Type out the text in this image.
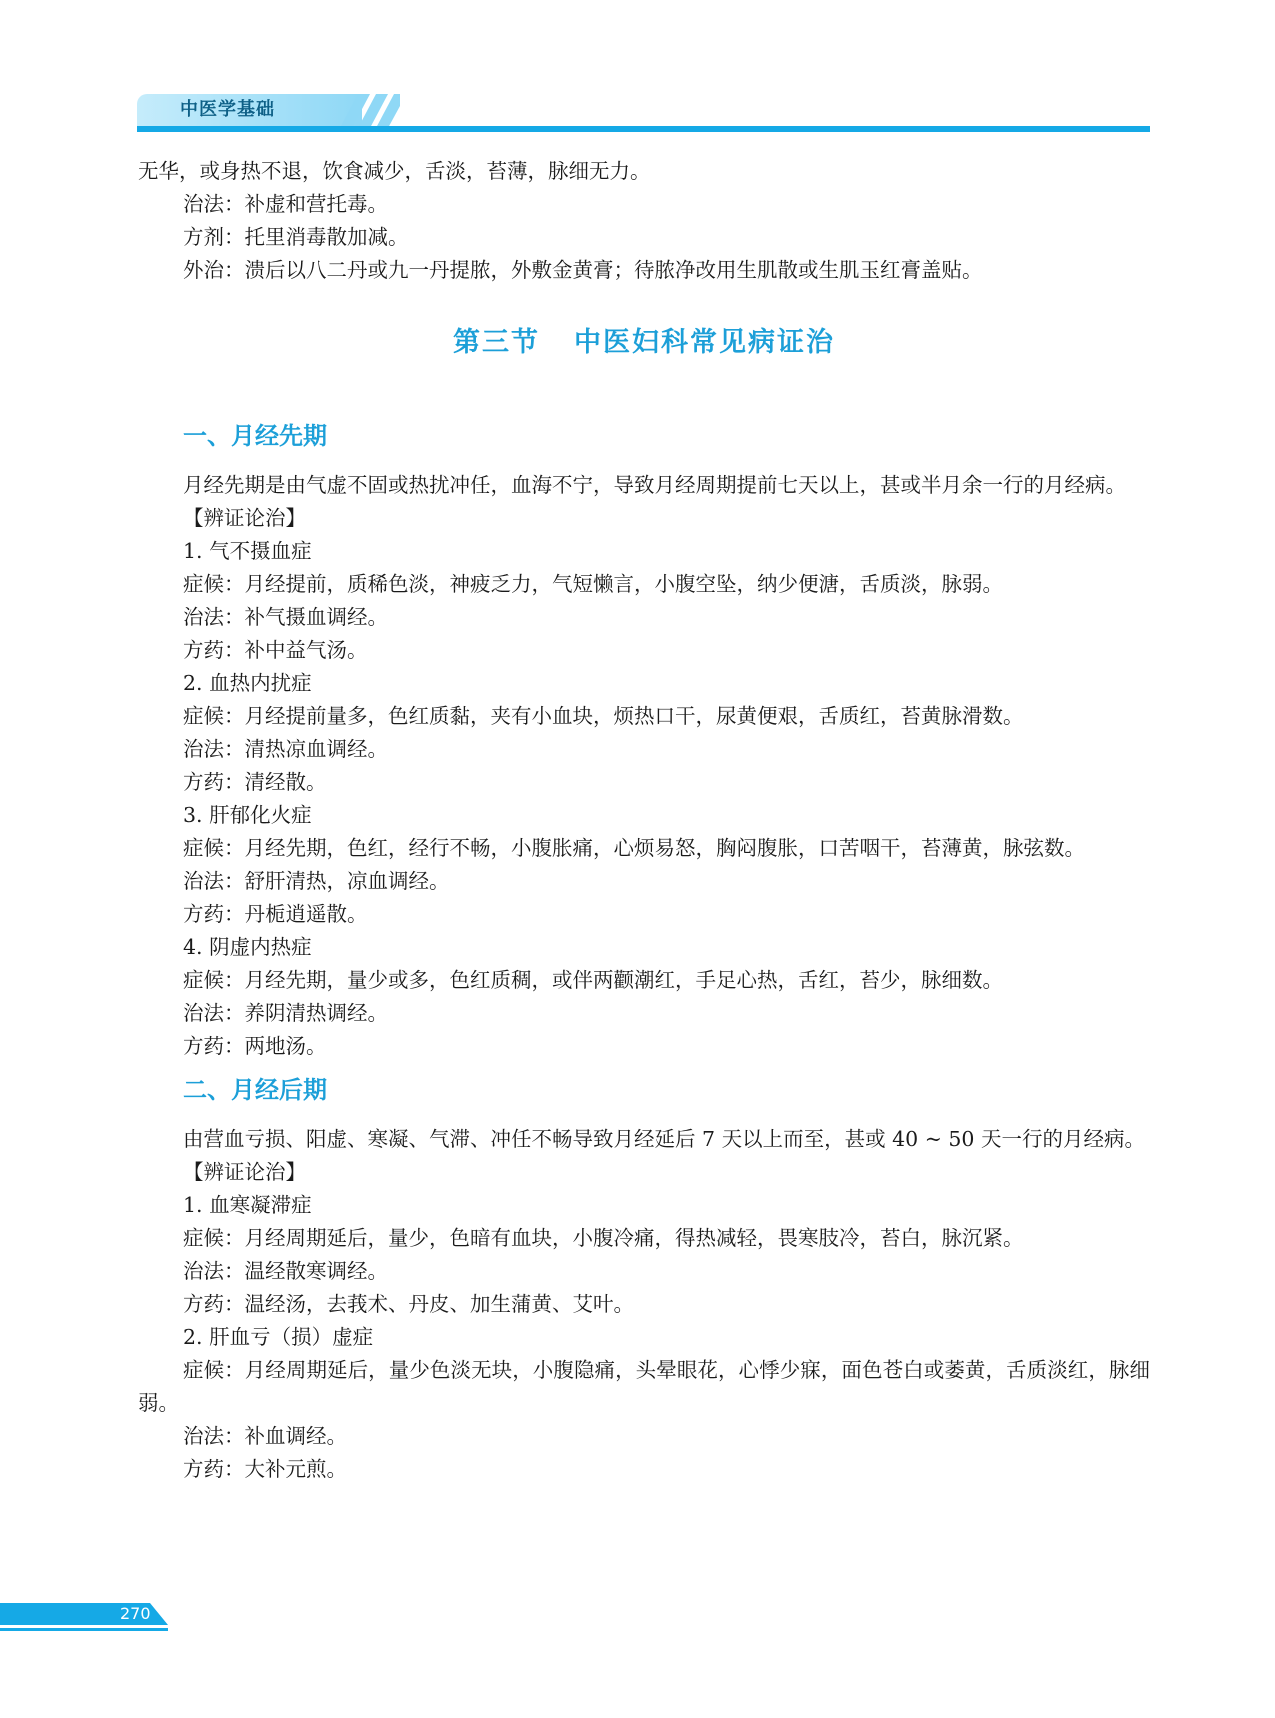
中医学基础

无华，或身热不退，饮食减少，舌淡，苔薄，脉细无力。

治法：补虚和营托毒。

方剂：托里消毒散加减。

外治：溃后以八二丹或九一丹提脓，外敷金黄膏；待脓净改用生肌散或生肌玉红膏盖贴。

第三节 中医妇科常见病证治
一、月经先期

月经先期是由气虚不固或热扰冲任，血海不宁，导致月经周期提前七天以上，甚或半月余一行的月经病。

【辨证论治】

1. 气不摄血症

症候：月经提前，质稀色淡，神疲乏力，气短懒言，小腹空坠，纳少便溏，舌质淡，脉弱。

治法：补气摄血调经。

方药：补中益气汤。

2. 血热内扰症

症候：月经提前量多，色红质黏，夹有小血块，烦热口干，尿黄便艰，舌质红，苔黄脉滑数。

治法：清热凉血调经。

方药：清经散。

3. 肝郁化火症

症候：月经先期，色红，经行不畅，小腹胀痛，心烦易怒，胸闷腹胀，口苦咽干，苔薄黄，脉弦数。

治法：舒肝清热，凉血调经。

方药：丹栀逍遥散。

4. 阴虚内热症

症候：月经先期，量少或多，色红质稠，或伴两颧潮红，手足心热，舌红，苔少，脉细数。

治法：养阴清热调经。

方药：两地汤。

二、月经后期

由营血亏损、阳虚、寒凝、气滞、冲任不畅导致月经延后 7 天以上而至，甚或 40 ~ 50 天一行的月经病。

【辨证论治】

1. 血寒凝滞症

症候：月经周期延后，量少，色暗有血块，小腹冷痛，得热减轻，畏寒肢冷，苔白，脉沉紧。

治法：温经散寒调经。

方药：温经汤，去莪术、丹皮、加生蒲黄、艾叶。

2. 肝血亏（损）虚症

症候：月经周期延后，量少色淡无块，小腹隐痛，头晕眼花，心悸少寐，面色苍白或萎黄，舌质淡红，脉细弱。

治法：补血调经。

方药：大补元煎。

270
